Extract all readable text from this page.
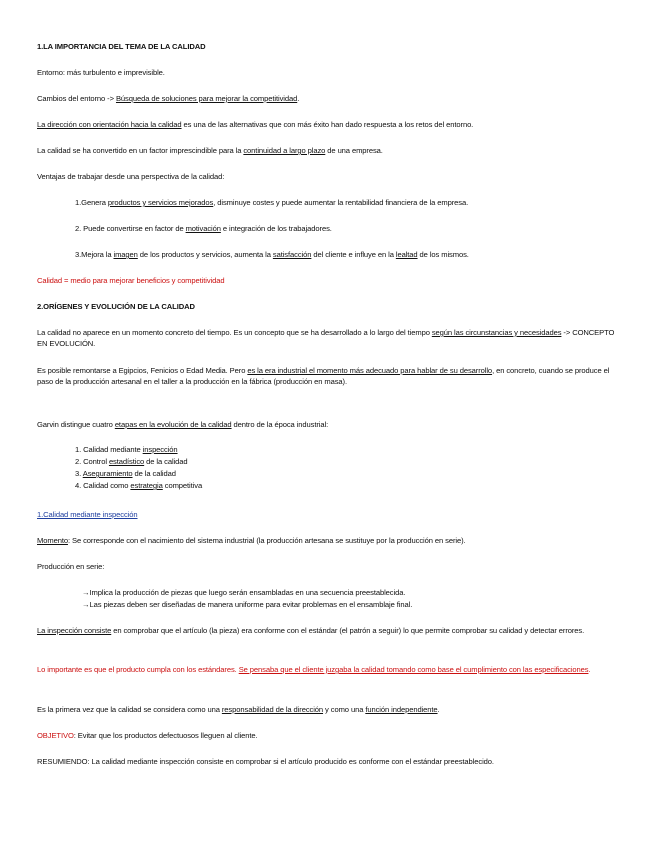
1.LA IMPORTANCIA DEL TEMA DE LA CALIDAD
Entorno: más turbulento e imprevisible.
Cambios del entorno -> Búsqueda de soluciones para mejorar la competitividad.
La dirección con orientación hacia la calidad es una de las alternativas que con más éxito han dado respuesta a los retos del entorno.
La calidad se ha convertido en un factor imprescindible para la continuidad a largo plazo de una empresa.
Ventajas de trabajar desde una perspectiva de la calidad:
1.Genera productos y servicios mejorados, disminuye costes y puede aumentar la rentabilidad financiera de la empresa.
2. Puede convertirse en factor de motivación e integración de los trabajadores.
3.Mejora la imagen de los productos y servicios, aumenta la satisfacción del cliente e influye en la lealtad de los mismos.
Calidad = medio para mejorar beneficios y competitividad
2.ORÍGENES Y EVOLUCIÓN DE LA CALIDAD
La calidad no aparece en un momento concreto del tiempo. Es un concepto que se ha desarrollado a lo largo del tiempo según las circunstancias y necesidades -> CONCEPTO EN EVOLUCIÓN.
Es posible remontarse a Egipcios, Fenicios o Edad Media. Pero es la era industrial el momento más adecuado para hablar de su desarrollo, en concreto, cuando se produce el paso de la producción artesanal en el taller a la producción en la fábrica (producción en masa).
Garvin distingue cuatro etapas en la evolución de la calidad dentro de la época industrial:
1. Calidad mediante inspección
2. Control estadístico de la calidad
3. Aseguramiento de la calidad
4. Calidad como estrategia competitiva
1.Calidad mediante inspección
Momento: Se corresponde con el nacimiento del sistema industrial (la producción artesana se sustituye por la producción en serie).
Producción en serie:
→Implica la producción de piezas que luego serán ensambladas en una secuencia preestablecida.
→Las piezas deben ser diseñadas de manera uniforme para evitar problemas en el ensamblaje final.
La inspección consiste en comprobar que el artículo (la pieza) era conforme con el estándar (el patrón a seguir) lo que permite comprobar su calidad y detectar errores.
Lo importante es que el producto cumpla con los estándares. Se pensaba que el cliente juzgaba la calidad tomando como base el cumplimiento con las especificaciones.
Es la primera vez que la calidad se considera como una responsabilidad de la dirección y como una función independiente.
OBJETIVO: Evitar que los productos defectuosos lleguen al cliente.
RESUMIENDO: La calidad mediante inspección consiste en comprobar si el artículo producido es conforme con el estándar preestablecido.
